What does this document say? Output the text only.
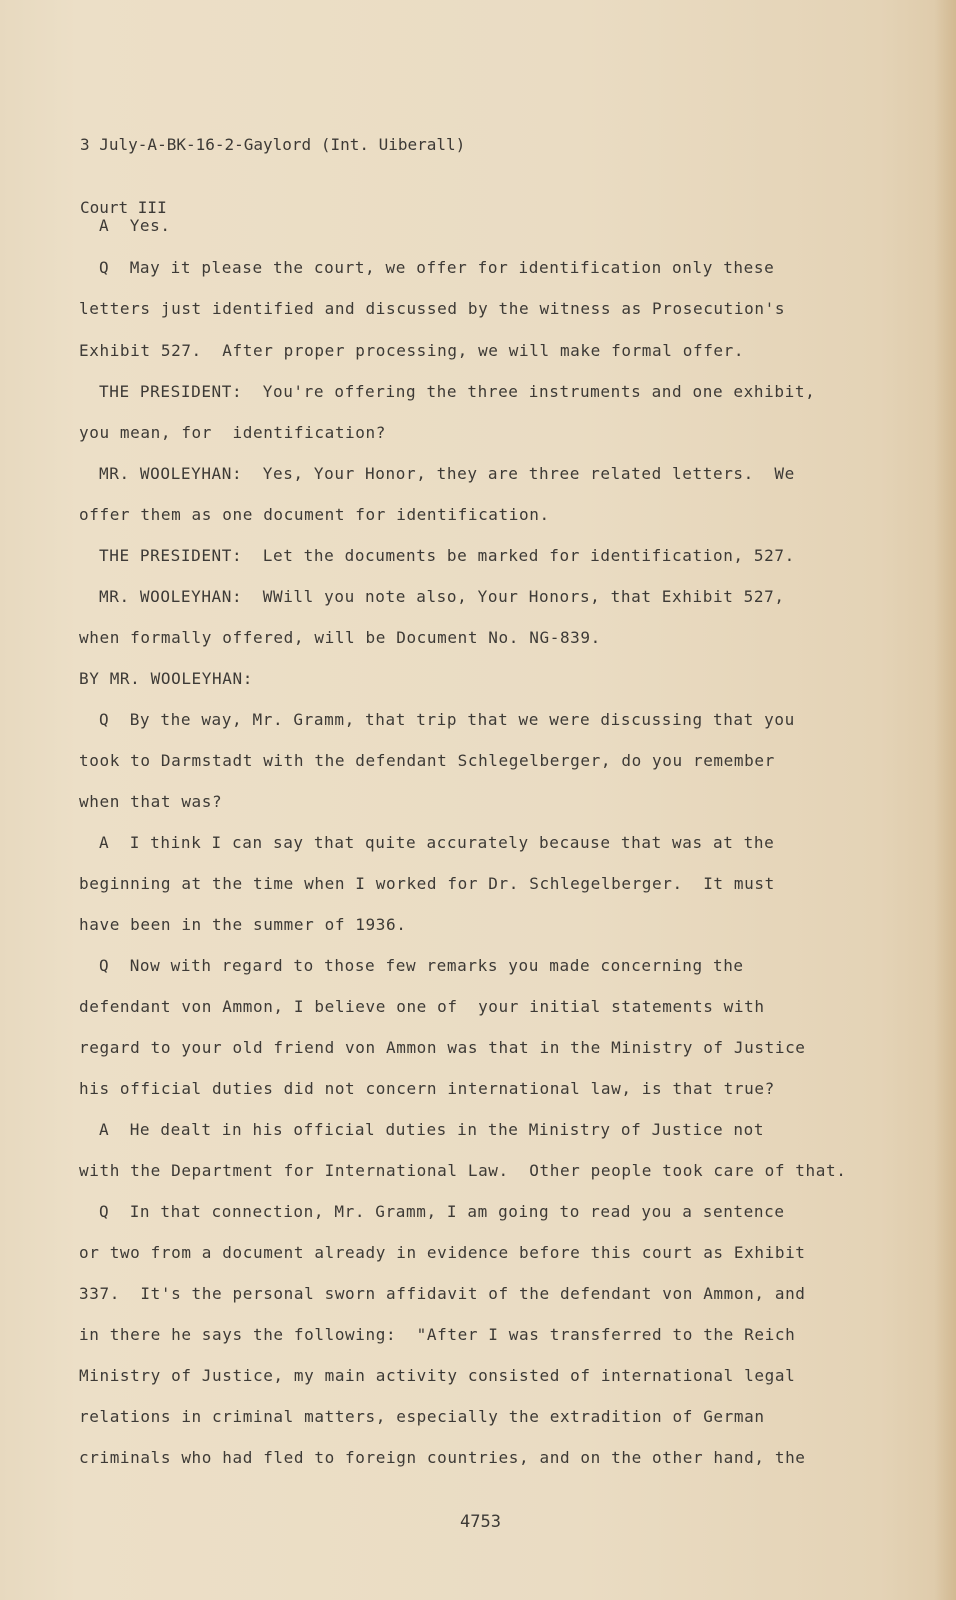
3 July-A-BK-16-2-Gaylord (Int. Uiberall)

Court III

A  Yes.
Q  May it please the court, we offer for identification only these
letters just identified and discussed by the witness as Prosecution's
Exhibit 527.  After proper processing, we will make formal offer.
THE PRESIDENT:  You're offering the three instruments and one exhibit,
you mean, for  identification?
MR. WOOLEYHAN:  Yes, Your Honor, they are three related letters.  We
offer them as one document for identification.
THE PRESIDENT:  Let the documents be marked for identification, 527.
MR. WOOLEYHAN:  WWill you note also, Your Honors, that Exhibit 527,
when formally offered, will be Document No. NG-839.
BY MR. WOOLEYHAN:
Q  By the way, Mr. Gramm, that trip that we were discussing that you
took to Darmstadt with the defendant Schlegelberger, do you remember
when that was?
A  I think I can say that quite accurately because that was at the
beginning at the time when I worked for Dr. Schlegelberger.  It must
have been in the summer of 1936.
Q  Now with regard to those few remarks you made concerning the
defendant von Ammon, I believe one of  your initial statements with
regard to your old friend von Ammon was that in the Ministry of Justice
his official duties did not concern international law, is that true?
A  He dealt in his official duties in the Ministry of Justice not
with the Department for International Law.  Other people took care of that.
Q  In that connection, Mr. Gramm, I am going to read you a sentence
or two from a document already in evidence before this court as Exhibit
337.  It's the personal sworn affidavit of the defendant von Ammon, and
in there he says the following:  "After I was transferred to the Reich
Ministry of Justice, my main activity consisted of international legal
relations in criminal matters, especially the extradition of German
criminals who had fled to foreign countries, and on the other hand, the
4753
